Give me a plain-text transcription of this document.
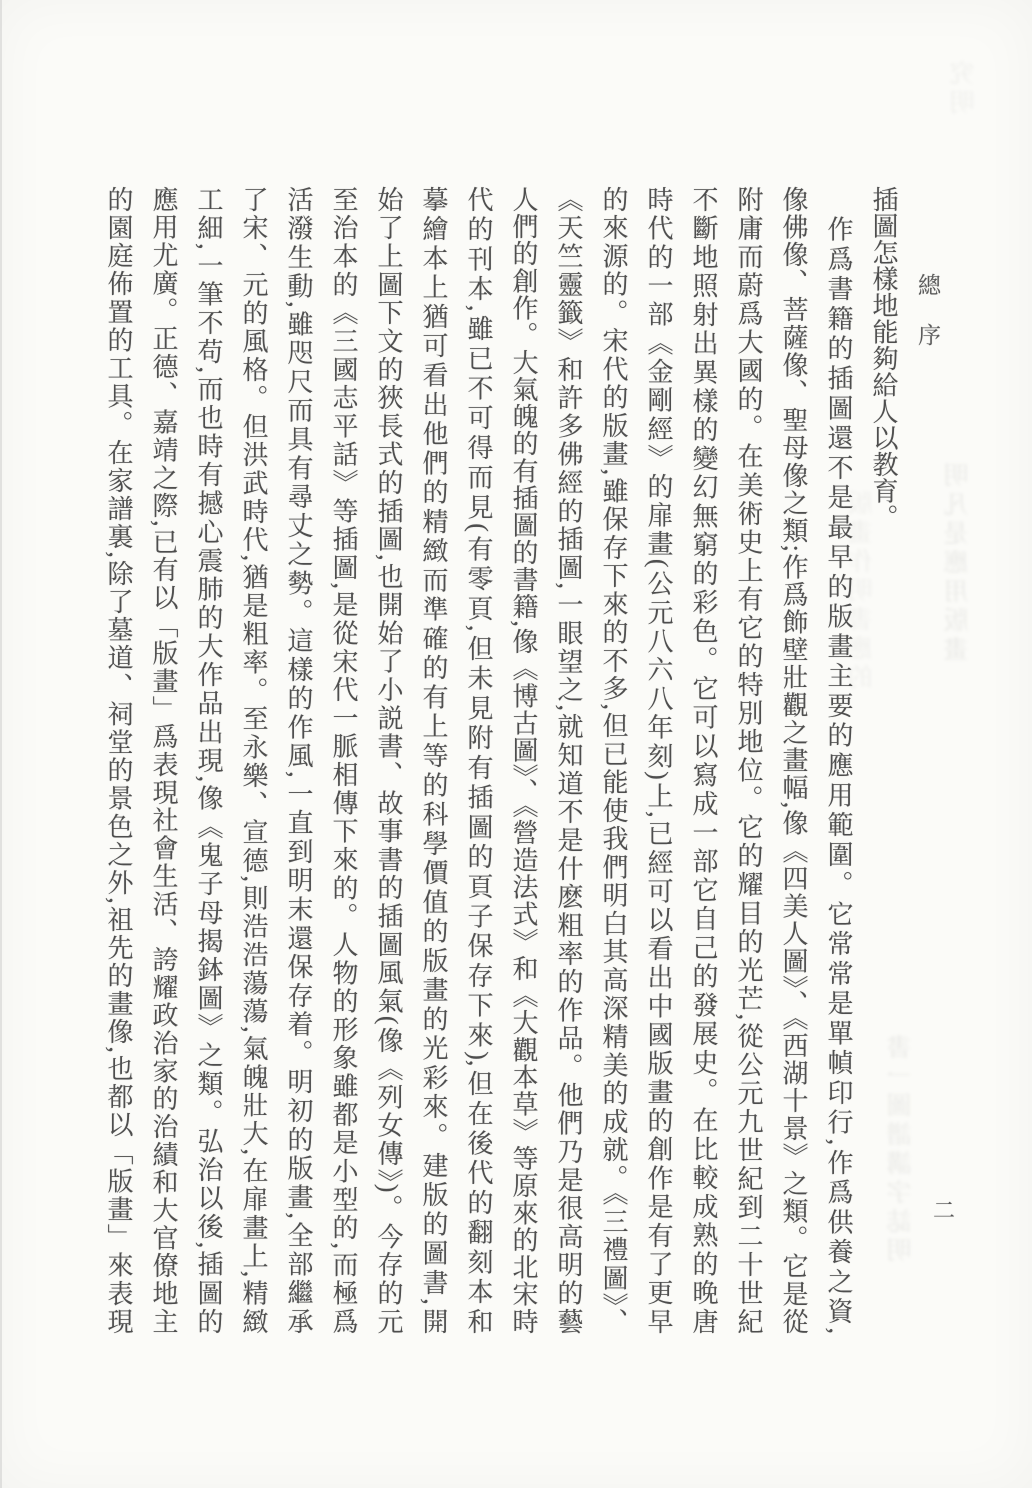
總序
二
明凡是應用版畫
書一圖譜講字誌明
版畫作明書應的
究明
插圖怎樣地能夠給人以教育。
　作爲書籍的插圖還不是最早的版畫主要的應用範圍。它常常是單幀印行,作爲供養之資,
像佛像、菩薩像、聖母像之類;作爲飾壁壯觀之畫幅,像《四美人圖》、《西湖十景》之類。它是從
附庸而蔚爲大國的。在美術史上有它的特別地位。它的耀目的光芒,從公元九世紀到二十世紀
不斷地照射出異樣的變幻無窮的彩色。它可以寫成一部它自己的發展史。在比較成熟的晚唐
時代的一部《金剛經》的扉畫(公元八六八年刻)上,已經可以看出中國版畫的創作是有了更早
的來源的。宋代的版畫,雖保存下來的不多,但已能使我們明白其高深精美的成就。《三禮圖》、
《天竺靈籤》和許多佛經的插圖,一眼望之,就知道不是什麽粗率的作品。他們乃是很高明的藝
人們的創作。大氣魄的有插圖的書籍,像《博古圖》、《營造法式》和《大觀本草》等原來的北宋時
代的刊本,雖已不可得而見(有零頁,但未見附有插圖的頁子保存下來),但在後代的翻刻本和
摹繪本上猶可看出他們的精緻而準確的有上等的科學價值的版畫的光彩來。建版的圖書,開
始了上圖下文的狹長式的插圖,也開始了小説書、故事書的插圖風氣(像《列女傳》)。今存的元
至治本的《三國志平話》等插圖,是從宋代一脈相傳下來的。人物的形象雖都是小型的,而極爲
活潑生動,雖咫尺而具有尋丈之勢。這樣的作風,一直到明末還保存着。明初的版畫,全部繼承
了宋、元的風格。但洪武時代,猶是粗率。至永樂、宣德,則浩浩蕩蕩,氣魄壯大,在扉畫上,精緻
工細,一筆不苟,而也時有撼心震肺的大作品出現,像《鬼子母揭鉢圖》之類。弘治以後,插圖的
應用尤廣。正德、嘉靖之際,已有以「版畫」爲表現社會生活、誇耀政治家的治績和大官僚地主
的園庭佈置的工具。在家譜裏,除了墓道、祠堂的景色之外,祖先的畫像,也都以「版畫」來表現
